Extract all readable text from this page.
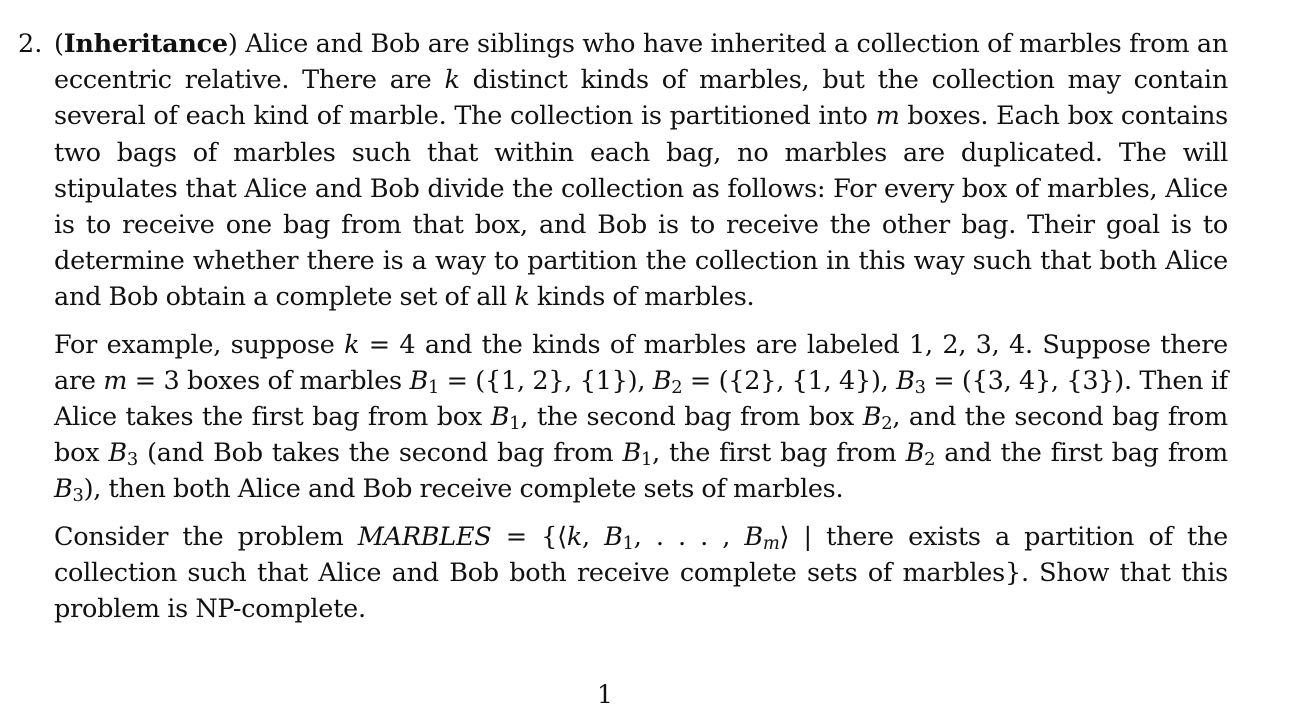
2. (Inheritance) Alice and Bob are siblings who have inherited a collection of marbles from an eccentric relative. There are k distinct kinds of marbles, but the collection may contain several of each kind of marble. The collection is partitioned into m boxes. Each box contains two bags of marbles such that within each bag, no marbles are duplicated. The will stipulates that Alice and Bob divide the collection as follows: For every box of marbles, Alice is to receive one bag from that box, and Bob is to receive the other bag. Their goal is to determine whether there is a way to partition the collection in this way such that both Alice and Bob obtain a complete set of all k kinds of marbles.

For example, suppose k = 4 and the kinds of marbles are labeled 1, 2, 3, 4. Suppose there are m = 3 boxes of marbles $B_1 = (\{1$, 2}, {1}), $B_2 = (\{2\}$, {1, 4}), $B_3 = (\{3$, 4}, {3}). Then if Alice takes the first bag from box $B_1$, the second bag from box $B_2$, and the second bag from box $B_3$ (and Bob takes the second bag from $B_1$, the first bag from $B_2$ and the first bag from $B_3$), then both Alice and Bob receive complete sets of marbles.

Consider the problem MARBLES = {⟨k, $B_1$, . . . , $B_m⟩$ | there exists a partition of the collection such that Alice and Bob both receive complete sets of marbles}. Show that this problem is NP-complete.

1
